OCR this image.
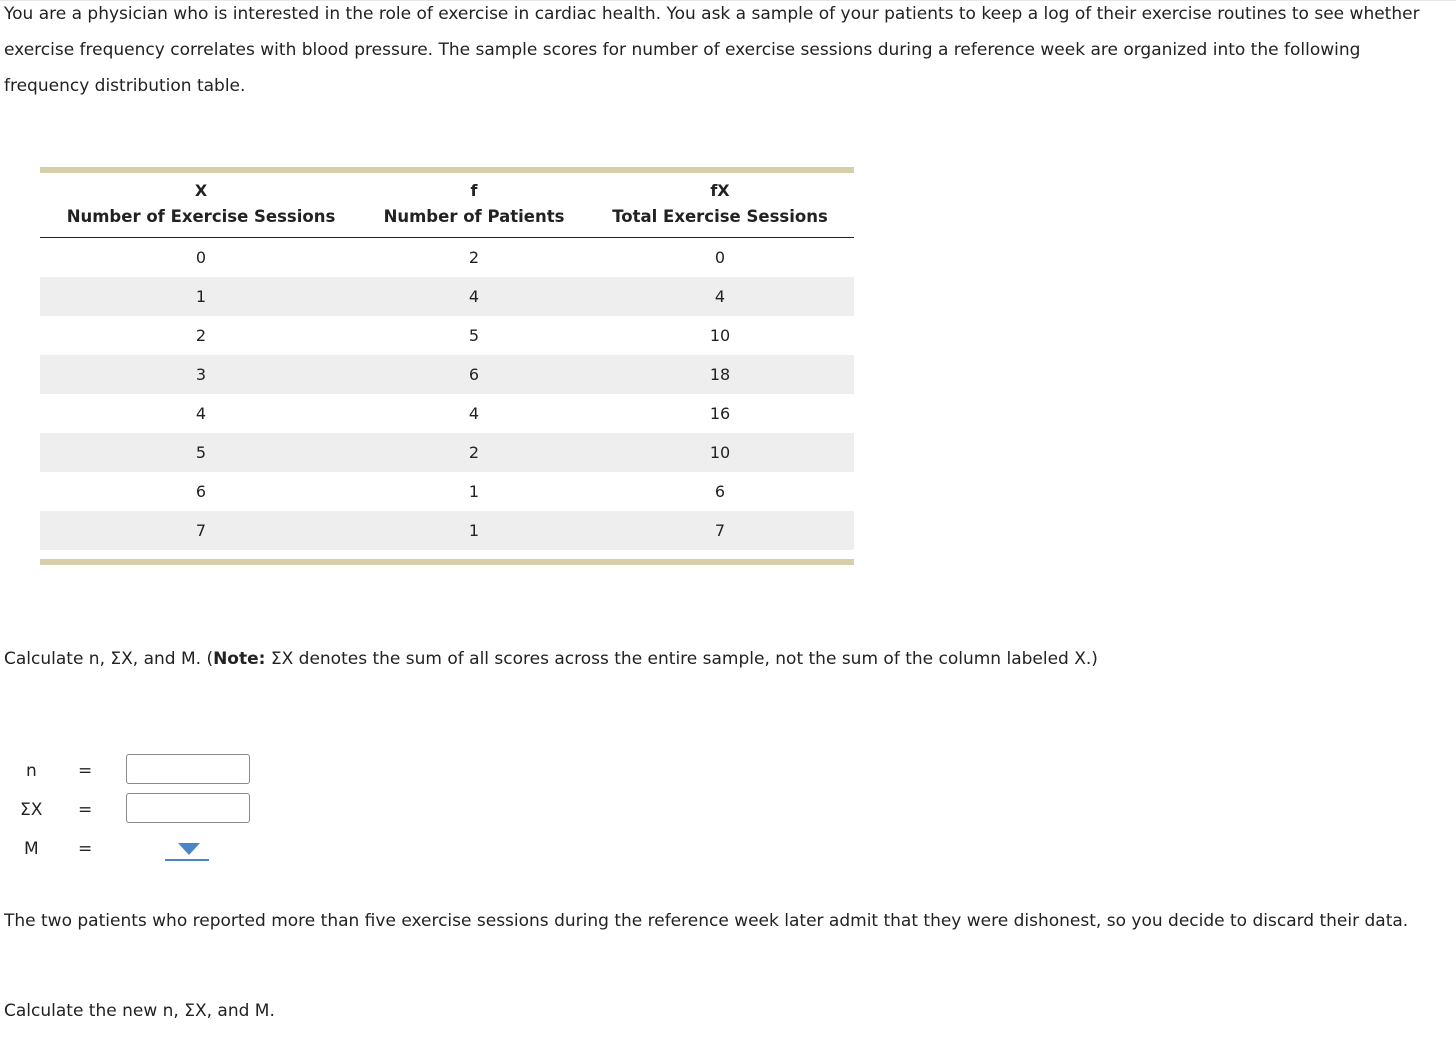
You are a physician who is interested in the role of exercise in cardiac health. You ask a sample of your patients to keep a log of their exercise routines to see whether exercise frequency correlates with blood pressure. The sample scores for number of exercise sessions during a reference week are organized into the following frequency distribution table.

X	f	fX
Number of Exercise Sessions	Number of Patients	Total Exercise Sessions
0	2	0
1	4	4
2	5	10
3	6	18
4	4	16
5	2	10
6	1	6
7	1	7

Calculate n, ΣX, and M. (Note: ΣX denotes the sum of all scores across the entire sample, not the sum of the column labeled X.)

n =
ΣX =
M =

The two patients who reported more than five exercise sessions during the reference week later admit that they were dishonest, so you decide to discard their data.

Calculate the new n, ΣX, and M.
